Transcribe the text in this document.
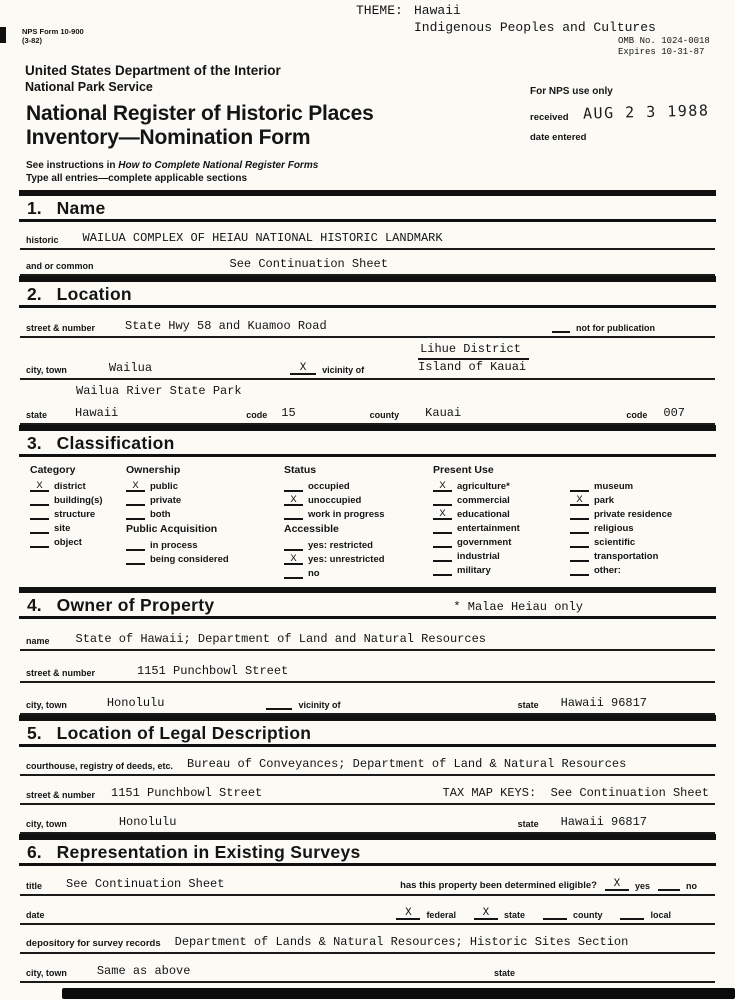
THEME: Hawaii
Indigenous Peoples and Cultures
NPS Form 10-900
(3-82)	OMB No. 1024-0018
Expires 10-31-87
United States Department of the Interior
National Park Service	For NPS use only
received AUG 2 3 1988
date entered
National Register of Historic Places
Inventory—Nomination Form
See instructions in How to Complete National Register Forms
Type all entries—complete applicable sections
1. Name
historic WAILUA COMPLEX OF HEIAU NATIONAL HISTORIC LANDMARK
and or common	See Continuation Sheet
2. Location
street & number	State Hwy 58 and Kuamoo Road	not for publication
city, town	Wailua	X	vicinity of
Lihue District
Island of Kauai
Wailua River State Park
state Hawaii	code 15	county Kauai	code 007
3. Classification
Category
X	district
building(s)
structure
site
object
Ownership
X	public
private
both
Public Acquisition
in process
being considered
Status
occupied
X	unoccupied
work in progress
Accessible
yes: restricted
X	yes: unrestricted
no
Present Use
X	agriculture*
commercial
X	educational
entertainment
government
industrial
military
museum
X	park
private residence
religious
scientific
transportation
other:
4. Owner of Property	* Malae Heiau only
name State of Hawaii; Department of Land and Natural Resources
street & number	1151 Punchbowl Street
city, town	Honolulu	vicinity of	state Hawaii 96817
5. Location of Legal Description
courthouse, registry of deeds, etc. Bureau of Conveyances; Department of Land & Natural Resources
street & number 1151 Punchbowl Street	TAX MAP KEYS:  See Continuation Sheet
city, town	Honolulu	state Hawaii 96817
6. Representation in Existing Surveys
title See Continuation Sheet	has this property been determined eligible?	X	yes	no
date	X	federal	X	state	county	local
depository for survey records Department of Lands & Natural Resources; Historic Sites Section
city, town	Same as above	state
